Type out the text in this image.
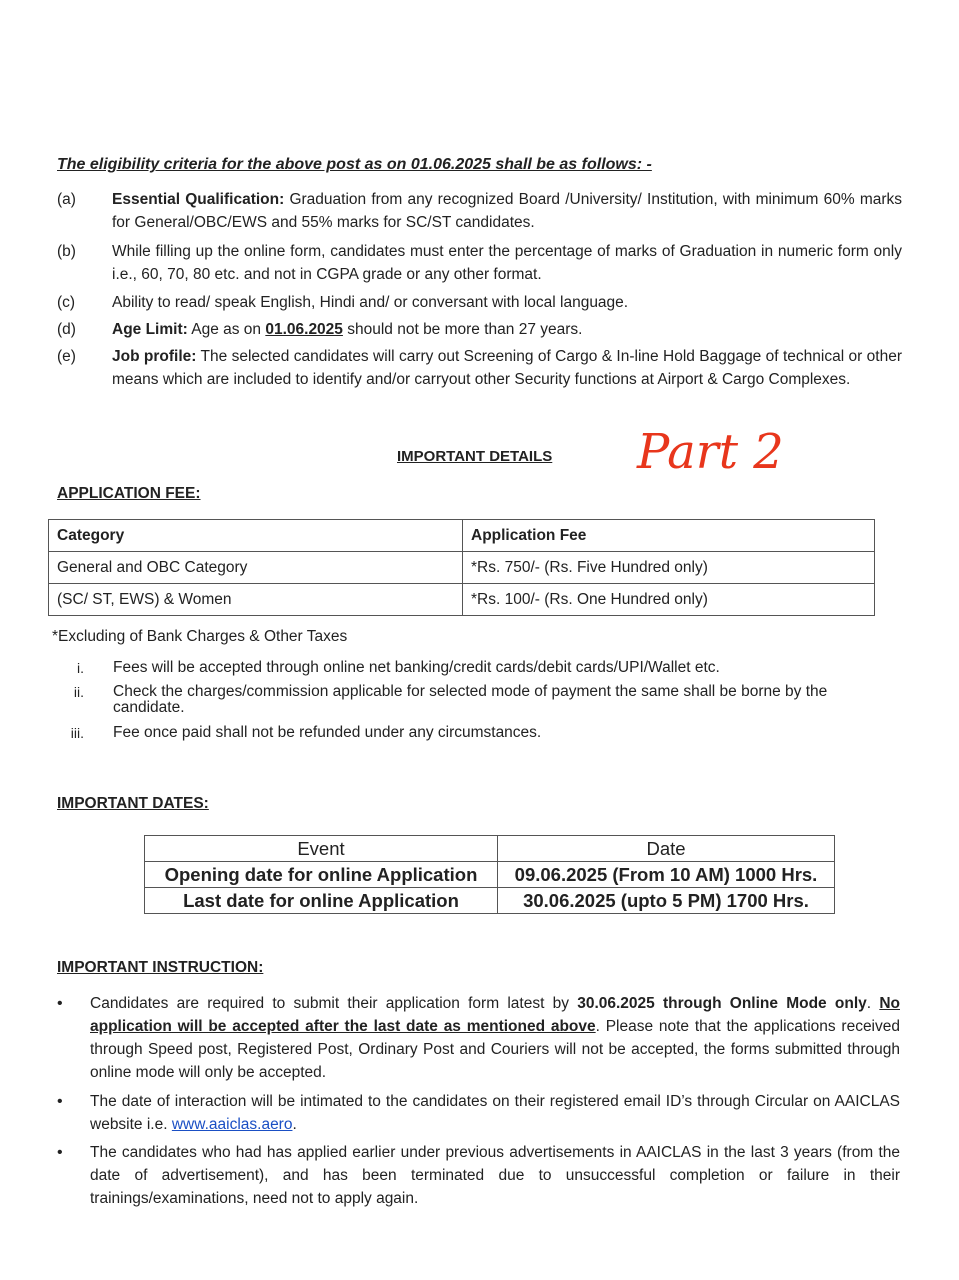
The eligibility criteria for the above post as on 01.06.2025 shall be as follows: -
(a) Essential Qualification: Graduation from any recognized Board /University/ Institution, with minimum 60% marks for General/OBC/EWS and 55% marks for SC/ST candidates.
(b) While filling up the online form, candidates must enter the percentage of marks of Graduation in numeric form only i.e., 60, 70, 80 etc. and not in CGPA grade or any other format.
(c) Ability to read/ speak English, Hindi and/ or conversant with local language.
(d) Age Limit: Age as on 01.06.2025 should not be more than 27 years.
(e) Job profile: The selected candidates will carry out Screening of Cargo & In-line Hold Baggage of technical or other means which are included to identify and/or carryout other Security functions at Airport & Cargo Complexes.
IMPORTANT DETAILS Part 2
APPLICATION FEE:
Category	Application Fee
General and OBC Category	*Rs. 750/- (Rs. Five Hundred only)
(SC/ ST, EWS) & Women	*Rs. 100/- (Rs. One Hundred only)
*Excluding of Bank Charges & Other Taxes
i. Fees will be accepted through online net banking/credit cards/debit cards/UPI/Wallet etc.
ii. Check the charges/commission applicable for selected mode of payment the same shall be borne by the candidate.
iii. Fee once paid shall not be refunded under any circumstances.
IMPORTANT DATES:
Event	Date
Opening date for online Application	09.06.2025 (From 10 AM) 1000 Hrs.
Last date for online Application	30.06.2025 (upto 5 PM) 1700 Hrs.
IMPORTANT INSTRUCTION:
• Candidates are required to submit their application form latest by 30.06.2025 through Online Mode only. No application will be accepted after the last date as mentioned above. Please note that the applications received through Speed post, Registered Post, Ordinary Post and Couriers will not be accepted, the forms submitted through online mode will only be accepted.
• The date of interaction will be intimated to the candidates on their registered email ID’s through Circular on AAICLAS website i.e. www.aaiclas.aero.
• The candidates who had has applied earlier under previous advertisements in AAICLAS in the last 3 years (from the date of advertisement), and has been terminated due to unsuccessful completion or failure in their trainings/examinations, need not to apply again.
